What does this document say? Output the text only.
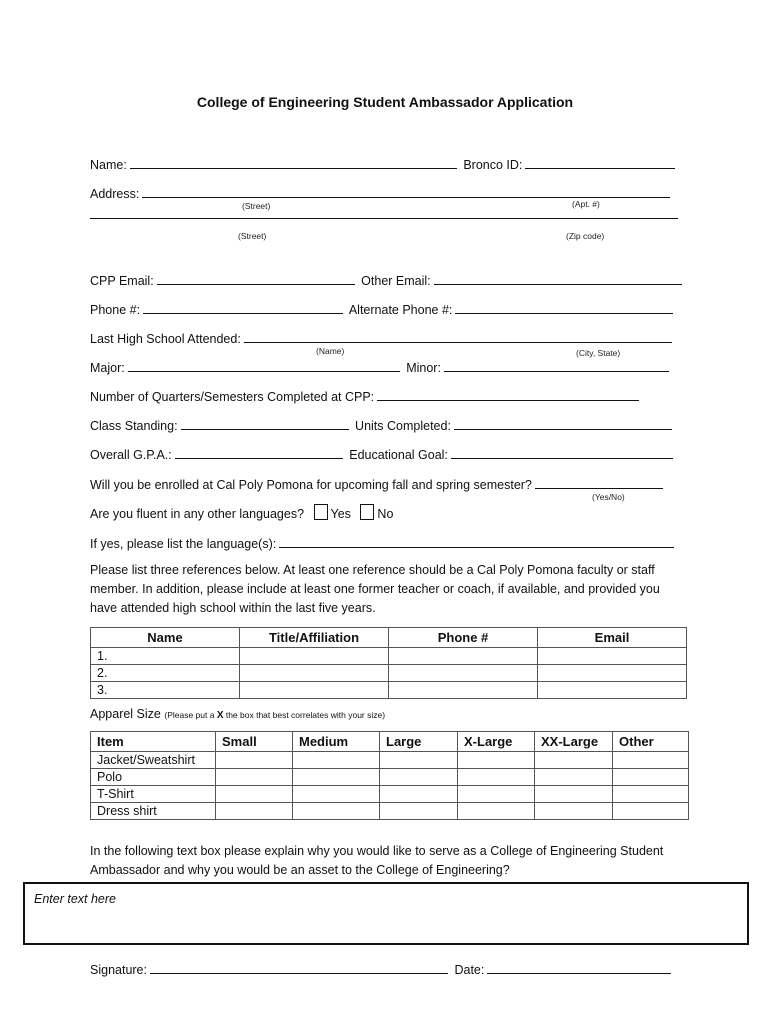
College of Engineering Student Ambassador Application
Name:	Bronco ID:
Address:
(Street)	(Apt. #)
(Street)	(Zip code)
CPP Email:	Other Email:
Phone #:	Alternate Phone #:
Last High School Attended:
(Name)	(City, State)
Major:	Minor:
Number of Quarters/Semesters Completed at CPP:
Class Standing:	Units Completed:
Overall G.P.A.:	Educational Goal:
Will you be enrolled at Cal Poly Pomona for upcoming fall and spring semester?
(Yes/No)
Are you fluent in any other languages? Yes No
If yes, please list the language(s):
Please list three references below. At least one reference should be a Cal Poly Pomona faculty or staff member. In addition, please include at least one former teacher or coach, if available, and provided you have attended high school within the last five years.
Name	Title/Affiliation	Phone #	Email
1.			
2.			
3.			
Apparel Size (Please put a X the box that best correlates with your size)
Item	Small	Medium	Large	X-Large	XX-Large	Other
Jacket/Sweatshirt						
Polo						
T-Shirt						
Dress shirt						
In the following text box please explain why you would like to serve as a College of Engineering Student Ambassador and why you would be an asset to the College of Engineering?
Enter text here
Signature:	Date:
